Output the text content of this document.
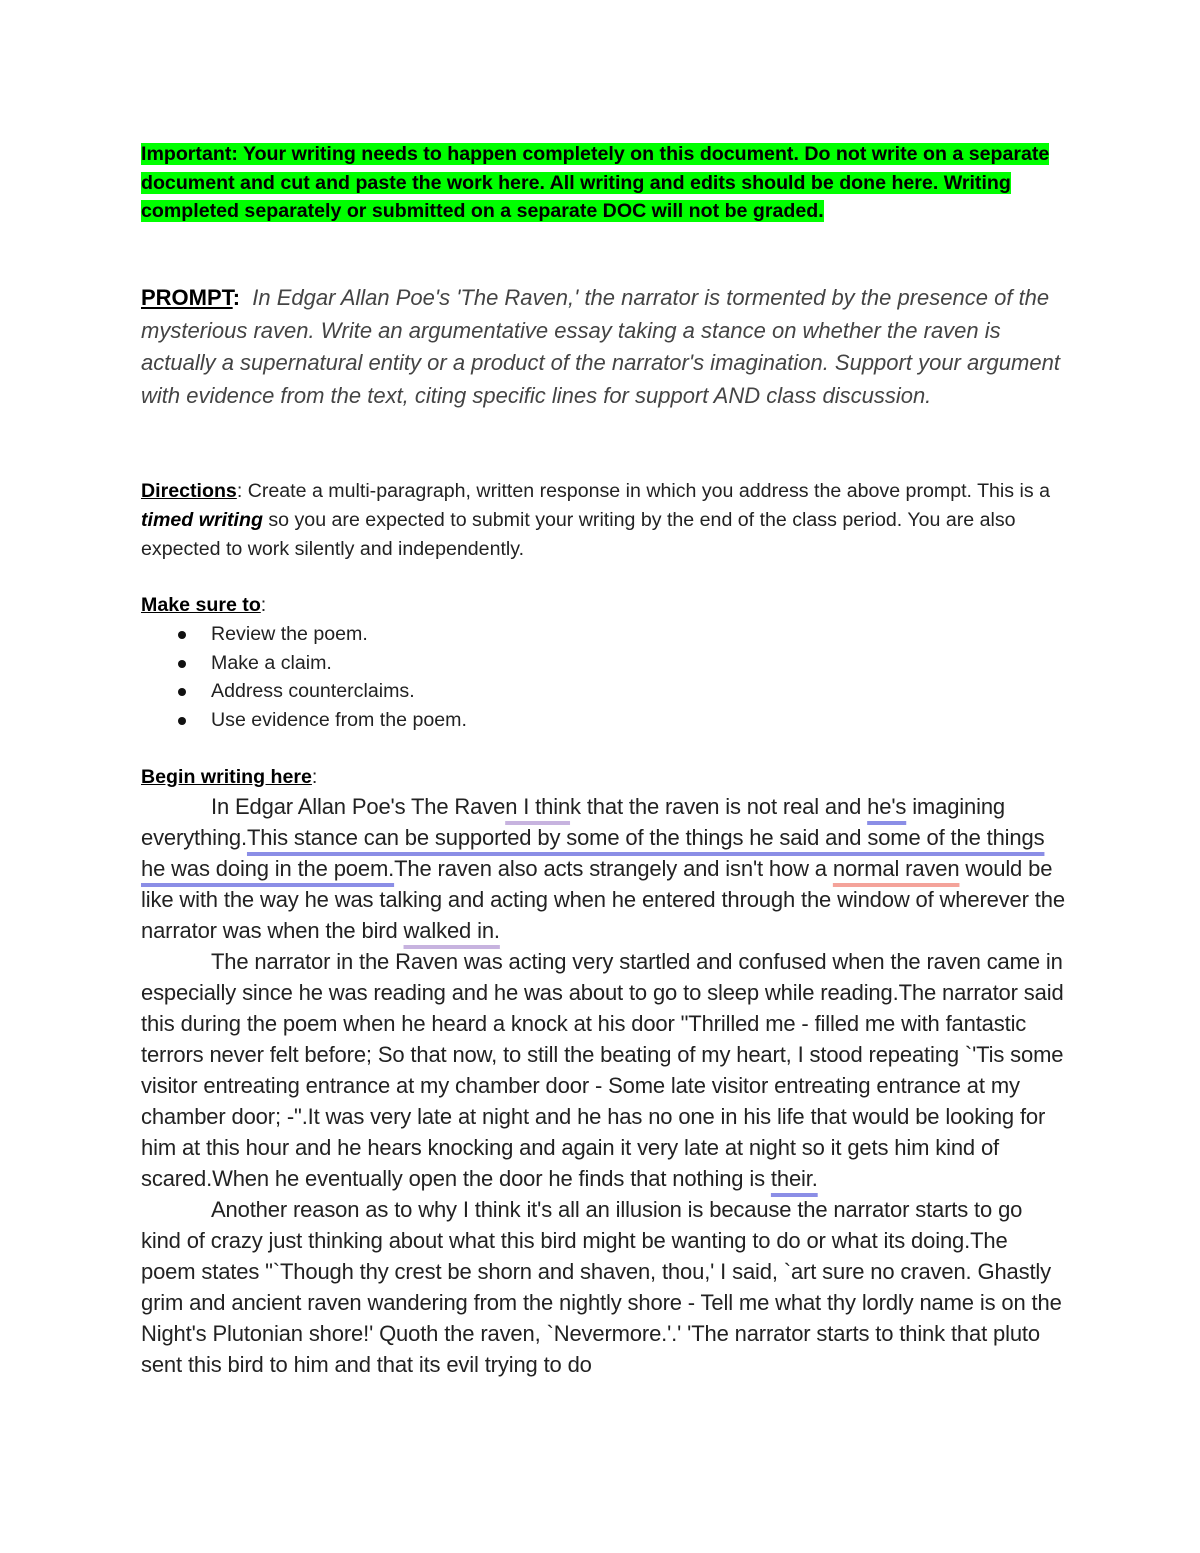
Important: Your writing needs to happen completely on this document. Do not write on a separate document and cut and paste the work here. All writing and edits should be done here. Writing completed separately or submitted on a separate DOC will not be graded.
PROMPT: In Edgar Allan Poe's 'The Raven,' the narrator is tormented by the presence of the mysterious raven. Write an argumentative essay taking a stance on whether the raven is actually a supernatural entity or a product of the narrator's imagination. Support your argument with evidence from the text, citing specific lines for support AND class discussion.
Directions: Create a multi-paragraph, written response in which you address the above prompt. This is a timed writing so you are expected to submit your writing by the end of the class period. You are also expected to work silently and independently.
Make sure to:
Review the poem.
Make a claim.
Address counterclaims.
Use evidence from the poem.
Begin writing here:

In Edgar Allan Poe's The Raven I think that the raven is not real and he's imagining everything.This stance can be supported by some of the things he said and some of the things he was doing in the poem.The raven also acts strangely and isn't how a normal raven would be like with the way he was talking and acting when he entered through the window of wherever the narrator was when the bird walked in.

The narrator in the Raven was acting very startled and confused when the raven came in especially since he was reading and he was about to go to sleep while reading.The narrator said this during the poem when he heard a knock at his door "Thrilled me - filled me with fantastic terrors never felt before; So that now, to still the beating of my heart, I stood repeating `'Tis some visitor entreating entrance at my chamber door - Some late visitor entreating entrance at my chamber door; -".It was very late at night and he has no one in his life that would be looking for him at this hour and he hears knocking and again it very late at night so it gets him kind of scared.When he eventually open the door he finds that nothing is their.

Another reason as to why I think it's all an illusion is because the narrator starts to go kind of crazy just thinking about what this bird might be wanting to do or what its doing.The poem states "`Though thy crest be shorn and shaven, thou,' I said, `art sure no craven. Ghastly grim and ancient raven wandering from the nightly shore - Tell me what thy lordly name is on the Night's Plutonian shore!' Quoth the raven, `Nevermore.'.' 'The narrator starts to think that pluto sent this bird to him and that its evil trying to do
